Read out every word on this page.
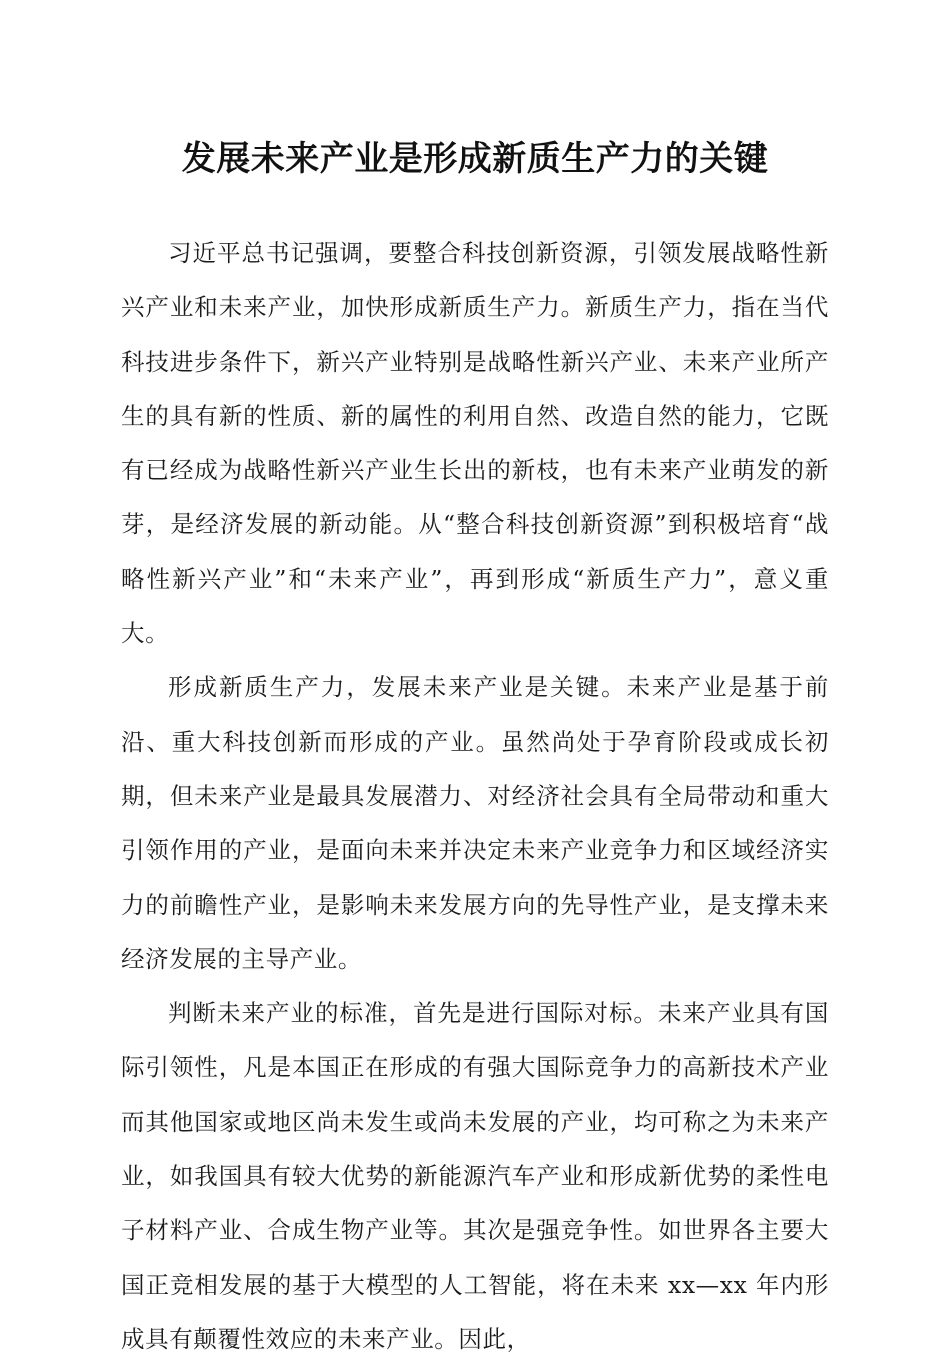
发展未来产业是形成新质生产力的关键

习近平总书记强调，要整合科技创新资源，引领发展战略性新兴产业和未来产业，加快形成新质生产力。新质生产力，指在当代科技进步条件下，新兴产业特别是战略性新兴产业、未来产业所产生的具有新的性质、新的属性的利用自然、改造自然的能力，它既有已经成为战略性新兴产业生长出的新枝，也有未来产业萌发的新芽，是经济发展的新动能。从“整合科技创新资源”到积极培育“战略性新兴产业”和“未来产业”，再到形成“新质生产力”，意义重大。

形成新质生产力，发展未来产业是关键。未来产业是基于前沿、重大科技创新而形成的产业。虽然尚处于孕育阶段或成长初期，但未来产业是最具发展潜力、对经济社会具有全局带动和重大引领作用的产业，是面向未来并决定未来产业竞争力和区域经济实力的前瞻性产业，是影响未来发展方向的先导性产业，是支撑未来经济发展的主导产业。

判断未来产业的标准，首先是进行国际对标。未来产业具有国际引领性，凡是本国正在形成的有强大国际竞争力的高新技术产业而其他国家或地区尚未发生或尚未发展的产业，均可称之为未来产业，如我国具有较大优势的新能源汽车产业和形成新优势的柔性电子材料产业、合成生物产业等。其次是强竞争性。如世界各主要大国正竞相发展的基于大模型的人工智能，将在未来 xx—xx 年内形成具有颠覆性效应的未来产业。因此，
